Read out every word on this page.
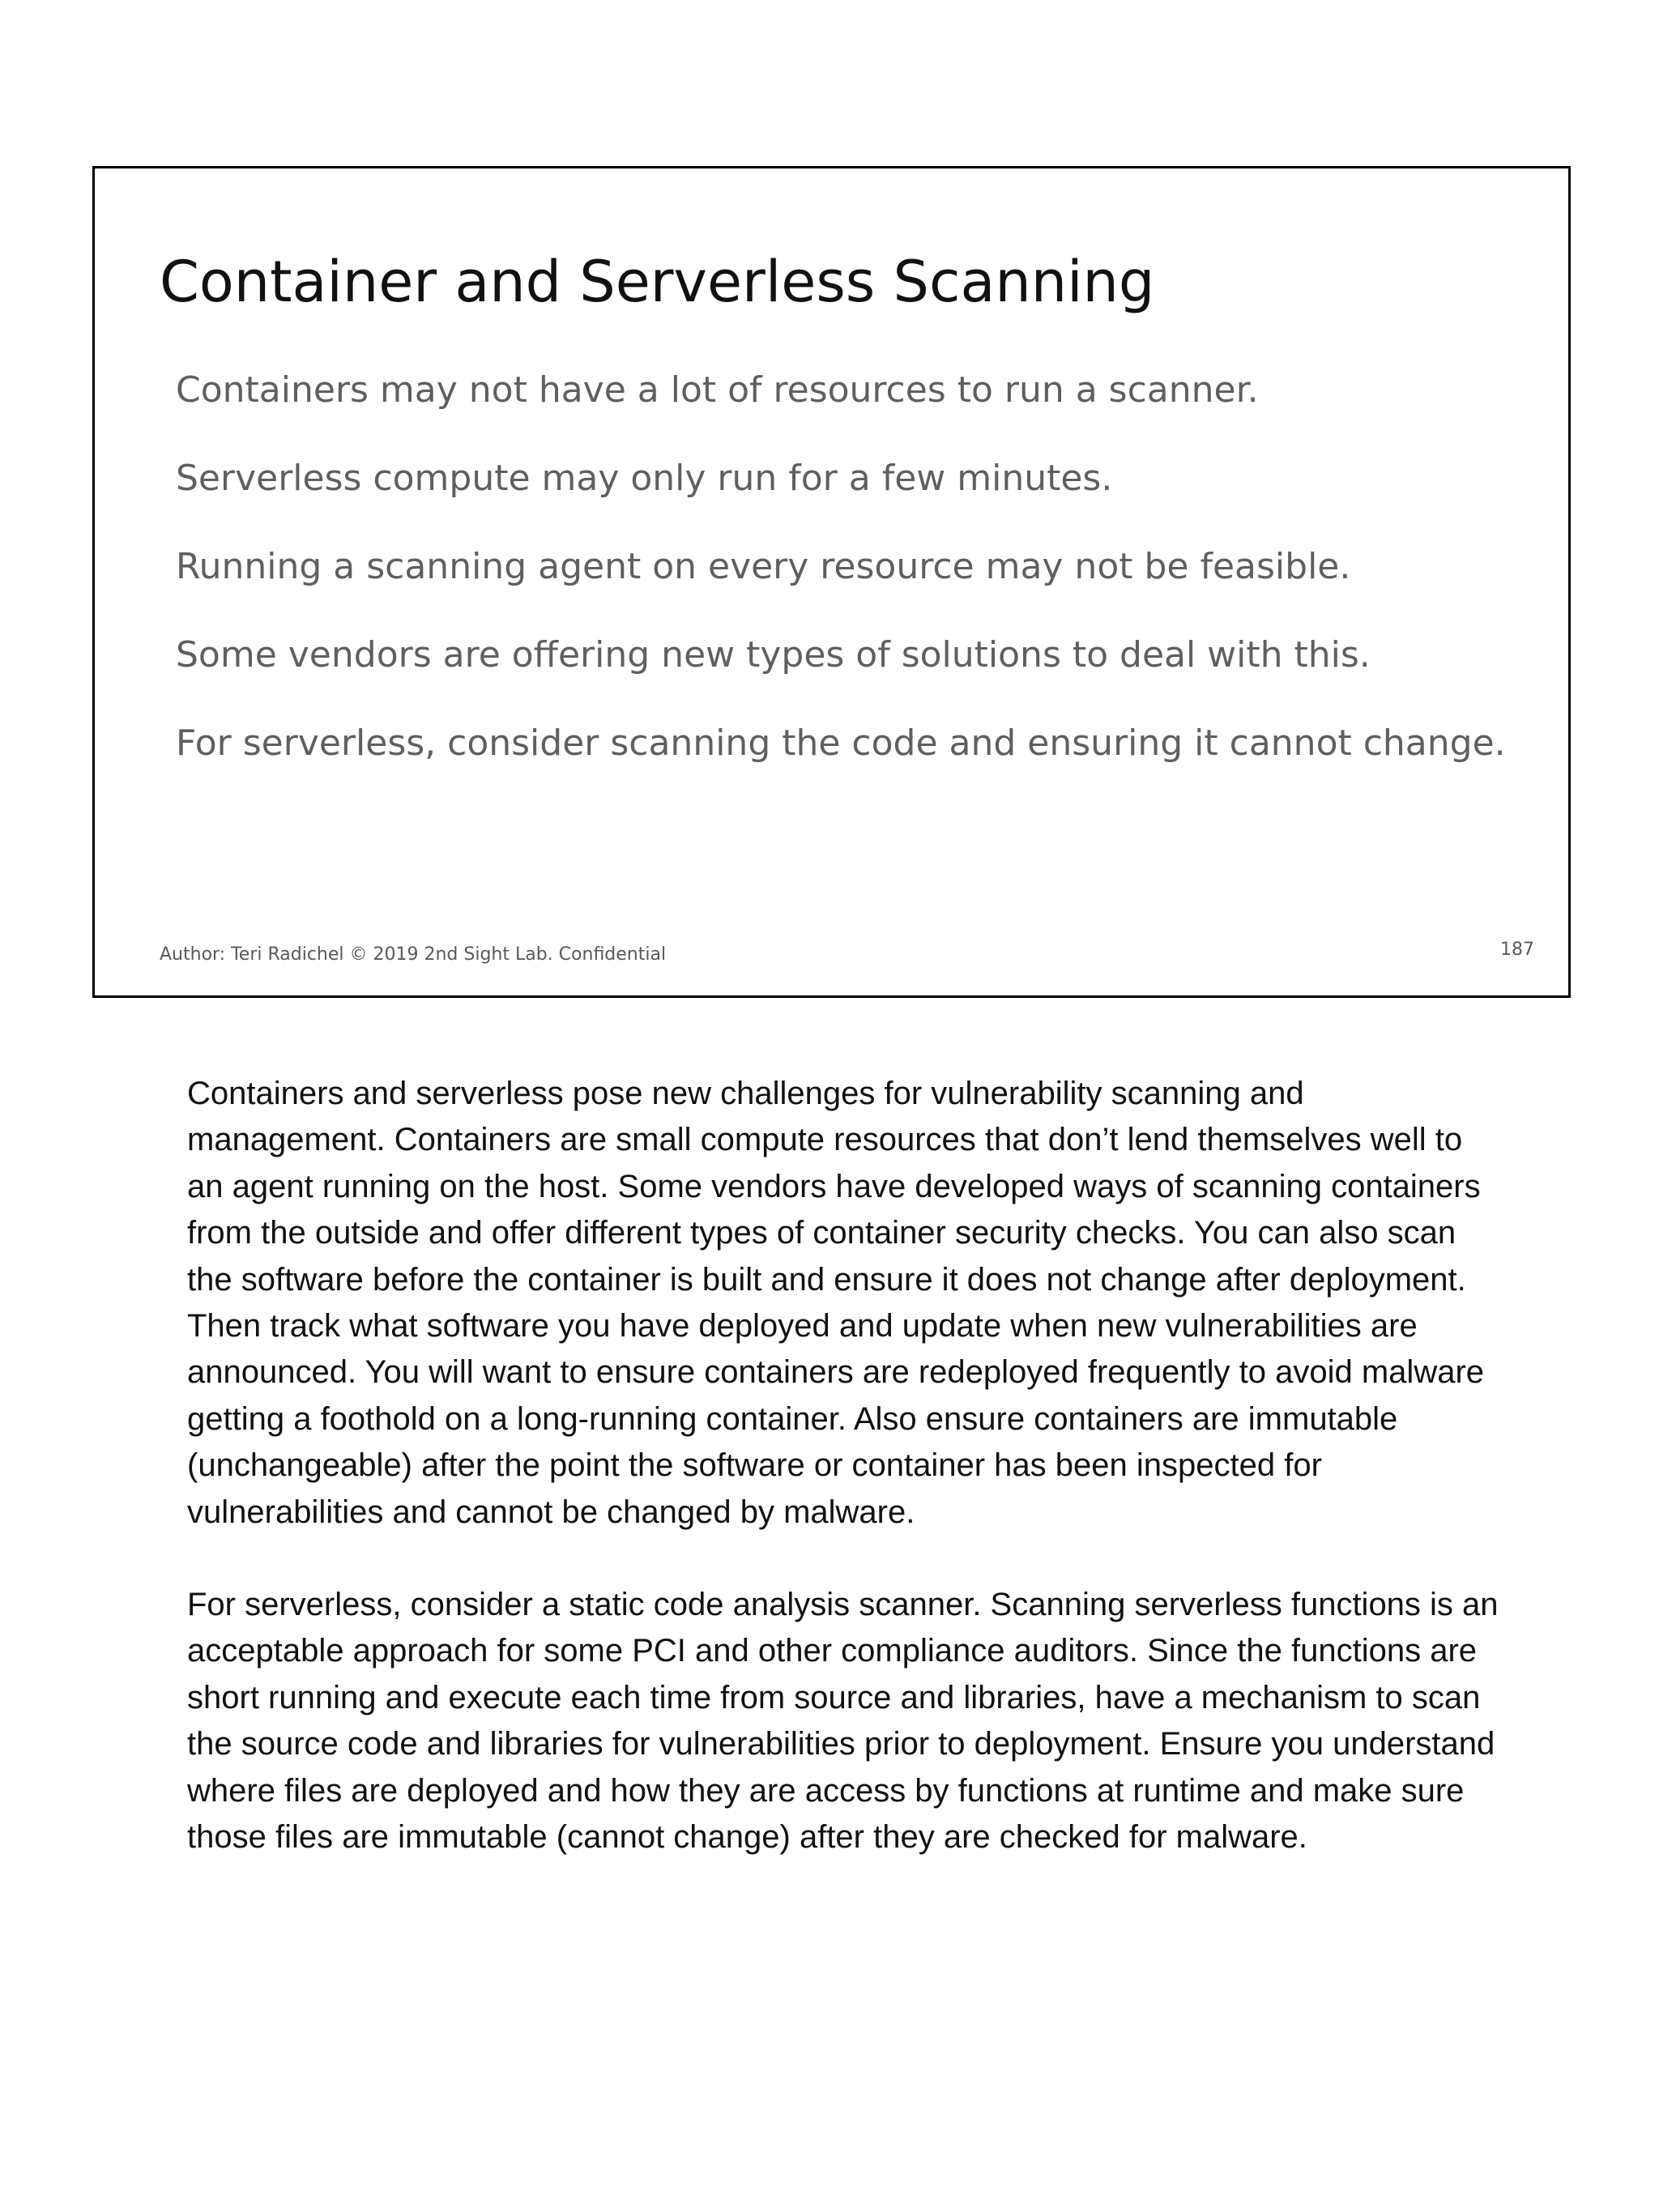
Container and Serverless Scanning
Containers may not have a lot of resources to run a scanner.
Serverless compute may only run for a few minutes.
Running a scanning agent on every resource may not be feasible.
Some vendors are offering new types of solutions to deal with this.
For serverless, consider scanning the code and ensuring it cannot change.
Author: Teri Radichel © 2019 2nd Sight Lab. Confidential	187

Containers and serverless pose new challenges for vulnerability scanning and management. Containers are small compute resources that don’t lend themselves well to an agent running on the host. Some vendors have developed ways of scanning containers from the outside and offer different types of container security checks. You can also scan the software before the container is built and ensure it does not change after deployment. Then track what software you have deployed and update when new vulnerabilities are announced. You will want to ensure containers are redeployed frequently to avoid malware getting a foothold on a long-running container. Also ensure containers are immutable (unchangeable) after the point the software or container has been inspected for vulnerabilities and cannot be changed by malware.

For serverless, consider a static code analysis scanner. Scanning serverless functions is an acceptable approach for some PCI and other compliance auditors. Since the functions are short running and execute each time from source and libraries, have a mechanism to scan the source code and libraries for vulnerabilities prior to deployment. Ensure you understand where files are deployed and how they are access by functions at runtime and make sure those files are immutable (cannot change) after they are checked for malware.
